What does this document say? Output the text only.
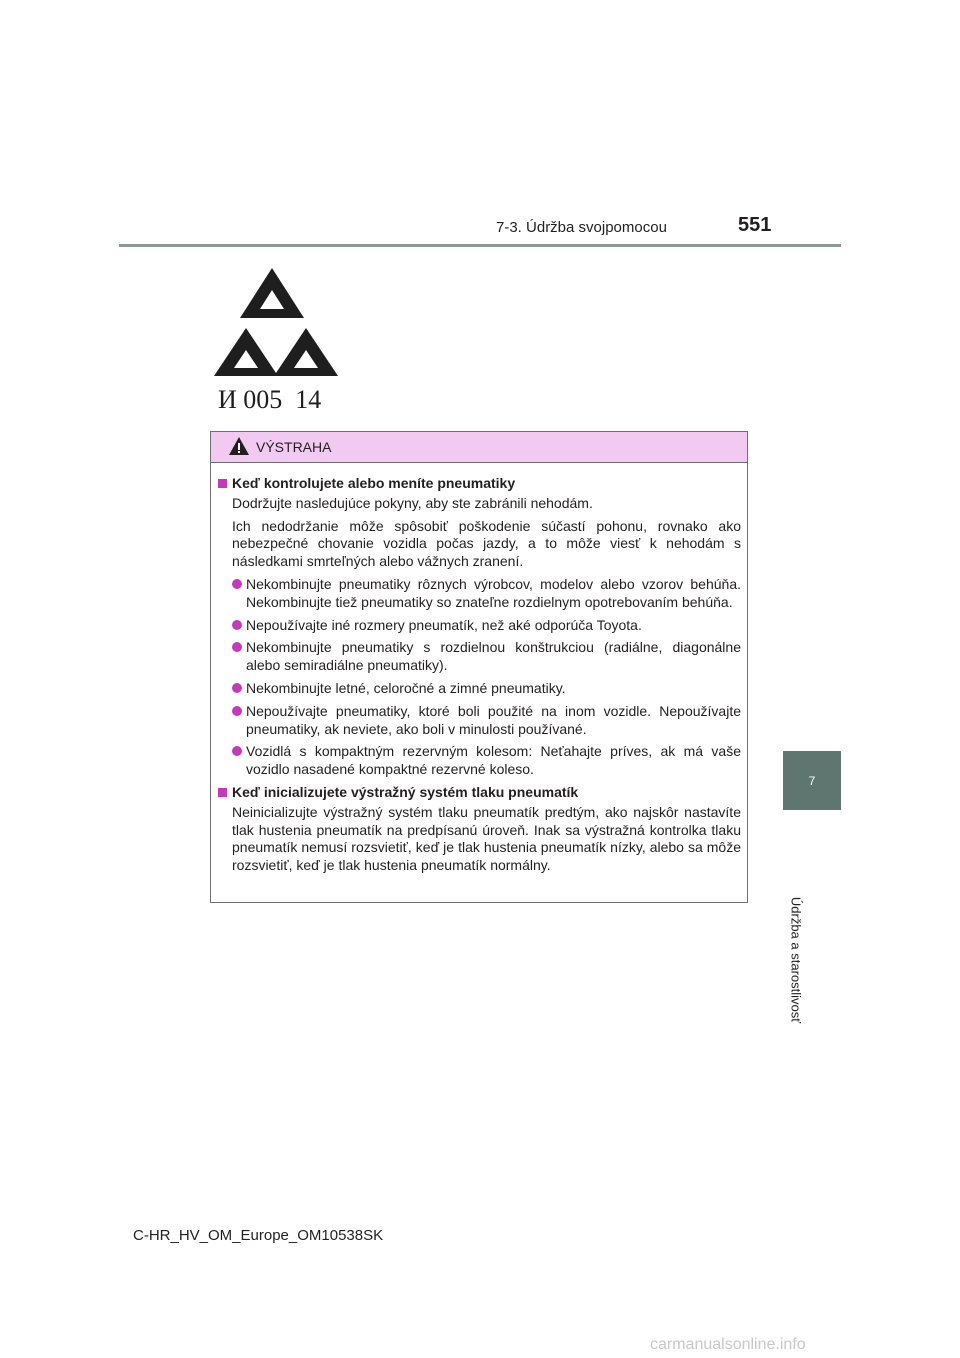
7-3. Údržba svojpomocou	551
7
Údržba a starostlivosť
И 005  14
VÝSTRAHA
Keď kontrolujete alebo meníte pneumatiky

Dodržujte nasledujúce pokyny, aby ste zabránili nehodám.

Ich nedodržanie môže spôsobiť poškodenie súčastí pohonu, rovnako ako nebezpečné chovanie vozidla počas jazdy, a to môže viesť k nehodám s následkami smrteľných alebo vážnych zranení.

Nekombinujte pneumatiky rôznych výrobcov, modelov alebo vzorov behúňa. Nekombinujte tiež pneumatiky so znateľne rozdielnym opotrebovaním behúňa.
Nepoužívajte iné rozmery pneumatík, než aké odporúča Toyota.
Nekombinujte pneumatiky s rozdielnou konštrukciou (radiálne, diagonálne alebo semiradiálne pneumatiky).
Nekombinujte letné, celoročné a zimné pneumatiky.
Nepoužívajte pneumatiky, ktoré boli použité na inom vozidle. Nepoužívajte pneumatiky, ak neviete, ako boli v minulosti používané.
Vozidlá s kompaktným rezervným kolesom: Neťahajte príves, ak má vaše vozidlo nasadené kompaktné rezervné koleso.
Keď inicializujete výstražný systém tlaku pneumatík

Neinicializujte výstražný systém tlaku pneumatík predtým, ako najskôr nastavíte tlak hustenia pneumatík na predpísanú úroveň. Inak sa výstražná kontrolka tlaku pneumatík nemusí rozsvietiť, keď je tlak hustenia pneumatík nízky, alebo sa môže rozsvietiť, keď je tlak hustenia pneumatík normálny.

C-HR_HV_OM_Europe_OM10538SK
carmanualsonline.info
